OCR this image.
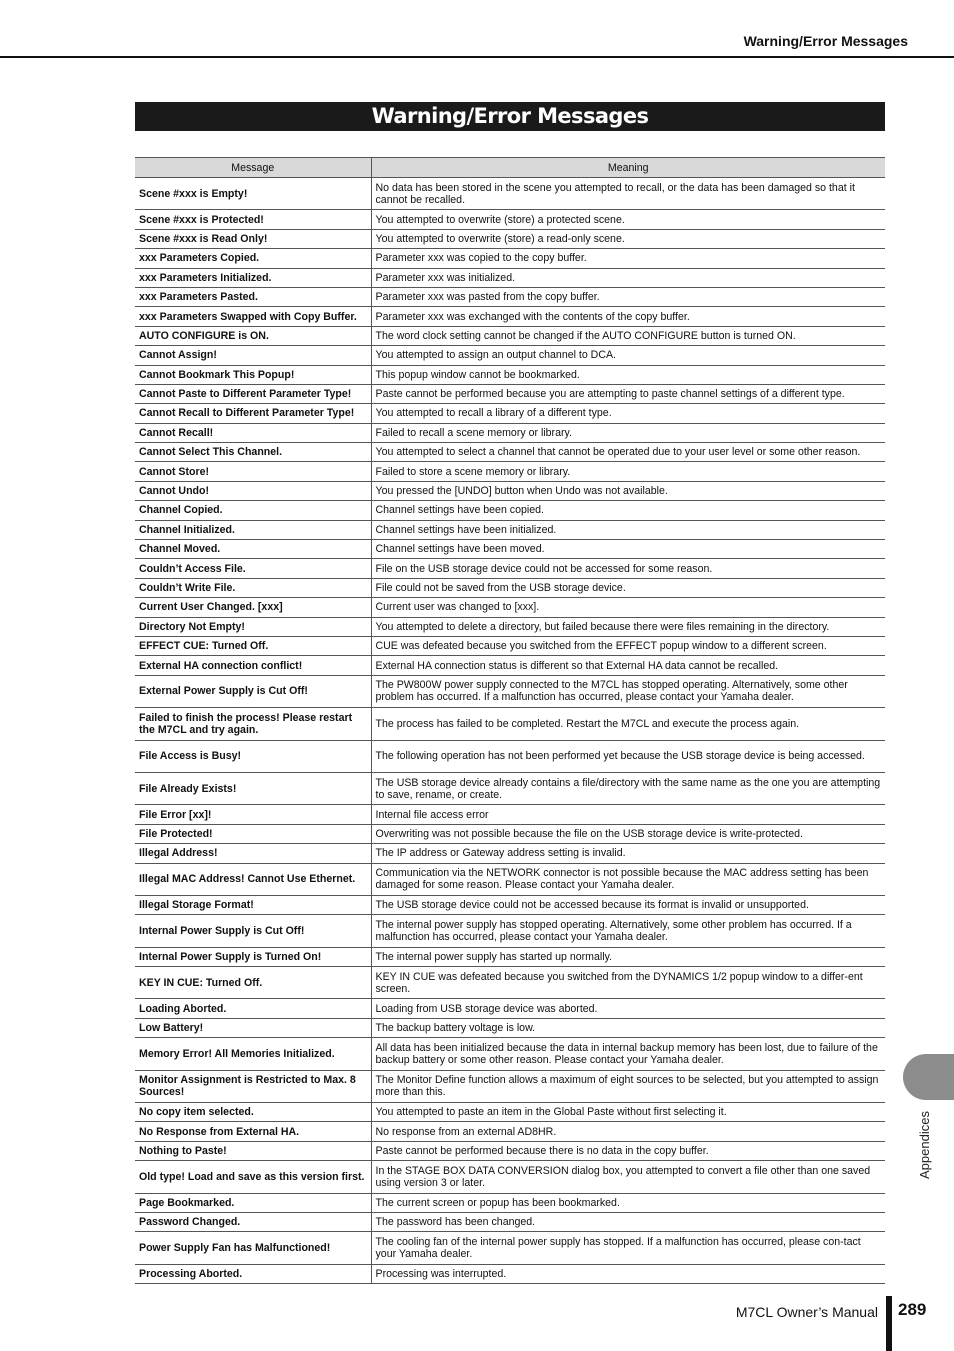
Warning/Error Messages
Warning/Error Messages
Message	Meaning
Scene #xxx is Empty!	No data has been stored in the scene you attempted to recall, or the data has been damaged so that it cannot be recalled.
Scene #xxx is Protected!	You attempted to overwrite (store) a protected scene.
Scene #xxx is Read Only!	You attempted to overwrite (store) a read-only scene.
xxx Parameters Copied.	Parameter xxx was copied to the copy buffer.
xxx Parameters Initialized.	Parameter xxx was initialized.
xxx Parameters Pasted.	Parameter xxx was pasted from the copy buffer.
xxx Parameters Swapped with Copy Buffer.	Parameter xxx was exchanged with the contents of the copy buffer.
AUTO CONFIGURE is ON.	The word clock setting cannot be changed if the AUTO CONFIGURE button is turned ON.
Cannot Assign!	You attempted to assign an output channel to DCA.
Cannot Bookmark This Popup!	This popup window cannot be bookmarked.
Cannot Paste to Different Parameter Type!	Paste cannot be performed because you are attempting to paste channel settings of a different type.
Cannot Recall to Different Parameter Type!	You attempted to recall a library of a different type.
Cannot Recall!	Failed to recall a scene memory or library.
Cannot Select This Channel.	You attempted to select a channel that cannot be operated due to your user level or some other reason.
Cannot Store!	Failed to store a scene memory or library.
Cannot Undo!	You pressed the [UNDO] button when Undo was not available.
Channel Copied.	Channel settings have been copied.
Channel Initialized.	Channel settings have been initialized.
Channel Moved.	Channel settings have been moved.
Couldn’t Access File.	File on the USB storage device could not be accessed for some reason.
Couldn’t Write File.	File could not be saved from the USB storage device.
Current User Changed. [xxx]	Current user was changed to [xxx].
Directory Not Empty!	You attempted to delete a directory, but failed because there were files remaining in the directory.
EFFECT CUE: Turned Off.	CUE was defeated because you switched from the EFFECT popup window to a different screen.
External HA connection conflict!	External HA connection status is different so that External HA data cannot be recalled.
External Power Supply is Cut Off!	The PW800W power supply connected to the M7CL has stopped operating. Alternatively, some other problem has occurred. If a malfunction has occurred, please contact your Yamaha dealer.
Failed to finish the process! Please restart the M7CL and try again.	The process has failed to be completed. Restart the M7CL and execute the process again.
File Access is Busy!	The following operation has not been performed yet because the USB storage device is being accessed.
File Already Exists!	The USB storage device already contains a file/directory with the same name as the one you are attempting to save, rename, or create.
File Error [xx]!	Internal file access error
File Protected!	Overwriting was not possible because the file on the USB storage device is write-protected.
Illegal Address!	The IP address or Gateway address setting is invalid.
Illegal MAC Address! Cannot Use Ethernet.	Communication via the NETWORK connector is not possible because the MAC address setting has been damaged for some reason. Please contact your Yamaha dealer.
Illegal Storage Format!	The USB storage device could not be accessed because its format is invalid or unsupported.
Internal Power Supply is Cut Off!	The internal power supply has stopped operating. Alternatively, some other problem has occurred. If a malfunction has occurred, please contact your Yamaha dealer.
Internal Power Supply is Turned On!	The internal power supply has started up normally.
KEY IN CUE: Turned Off.	KEY IN CUE was defeated because you switched from the DYNAMICS 1/2 popup window to a differ-ent screen.
Loading Aborted.	Loading from USB storage device was aborted.
Low Battery!	The backup battery voltage is low.
Memory Error! All Memories Initialized.	All data has been initialized because the data in internal backup memory has been lost, due to failure of the backup battery or some other reason. Please contact your Yamaha dealer.
Monitor Assignment is Restricted to Max. 8 Sources!	The Monitor Define function allows a maximum of eight sources to be selected, but you attempted to assign more than this.
No copy item selected.	You attempted to paste an item in the Global Paste without first selecting it.
No Response from External HA.	No response from an external AD8HR.
Nothing to Paste!	Paste cannot be performed because there is no data in the copy buffer.
Old type! Load and save as this version first.	In the STAGE BOX DATA CONVERSION dialog box, you attempted to convert a file other than one saved using version 3 or later.
Page Bookmarked.	The current screen or popup has been bookmarked.
Password Changed.	The password has been changed.
Power Supply Fan has Malfunctioned!	The cooling fan of the internal power supply has stopped. If a malfunction has occurred, please con-tact your Yamaha dealer.
Processing Aborted.	Processing was interrupted.
Appendices
M7CL Owner’s Manual 289
